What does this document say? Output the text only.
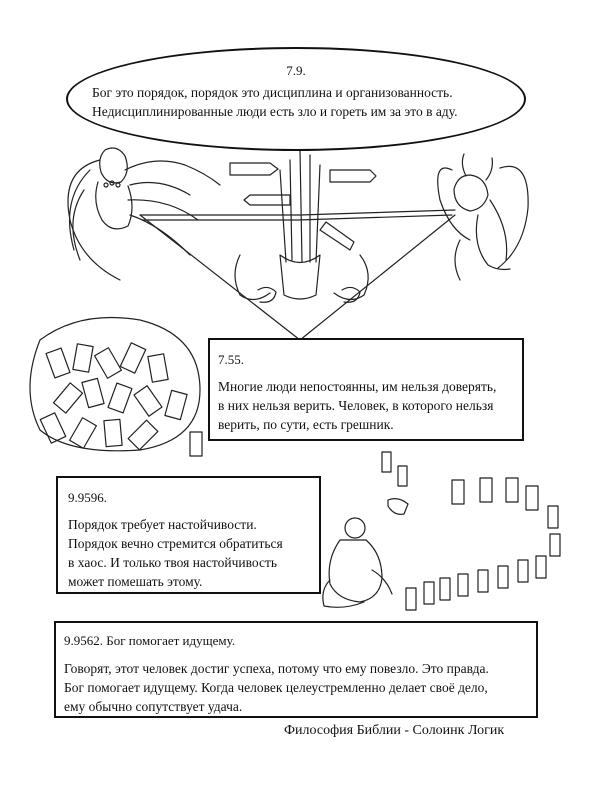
7.9.
Бог это порядок, порядок это дисциплина и организованность.
Недисциплинированные люди есть зло и гореть им за это в аду.
7.55.
Многие люди непостоянны, им нельзя доверять,
в них нельзя верить. Человек, в которого нельзя
верить, по сути, есть грешник.
9.9596.
Порядок требует настойчивости.
Порядок вечно стремится обратиться
в хаос. И только твоя настойчивость
может помешать этому.
9.9562. Бог помогает идущему.
Говорят, этот человек достиг успеха, потому что ему повезло. Это правда.
Бог помогает идущему. Когда человек целеустремленно делает своё дело,
ему обычно сопутствует удача.
Философия Библии - Солоинк Логик
